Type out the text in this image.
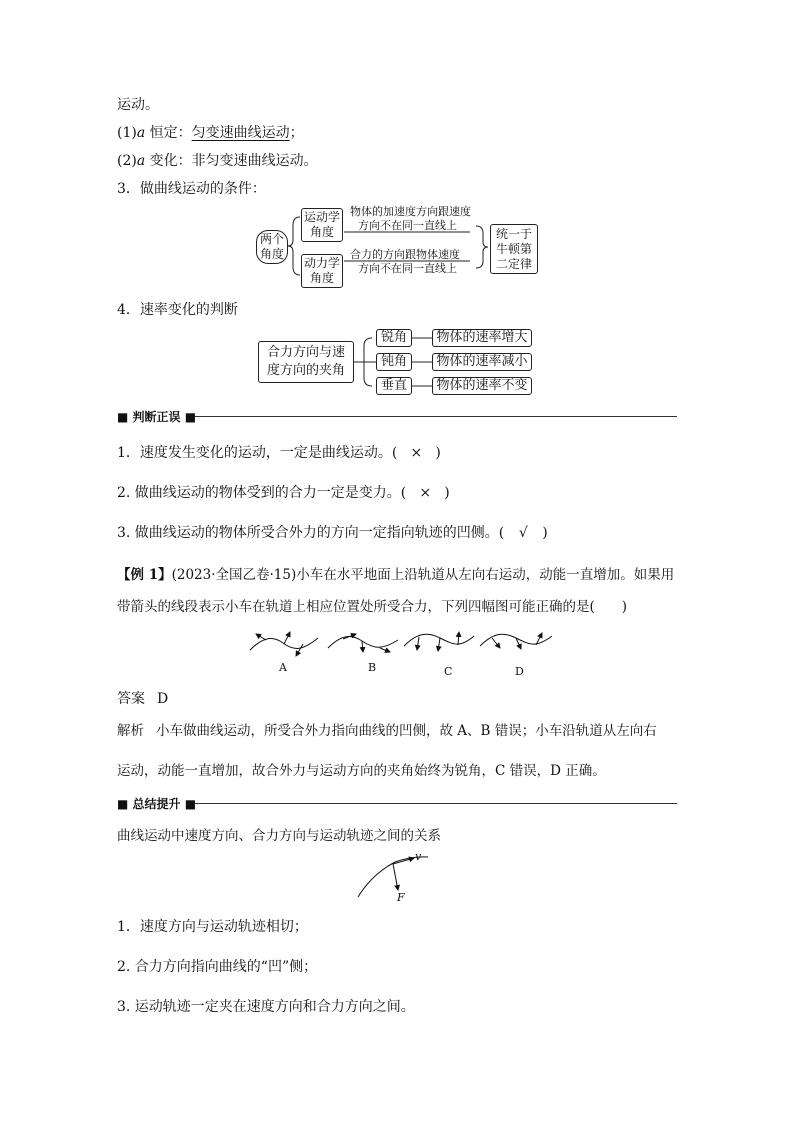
运动。
(1)a 恒定：匀变速曲线运动；
(2)a 变化：非匀变速曲线运动。
3．做曲线运动的条件：
两个角度
运动学角度
动力学角度
物体的加速度方向跟速度
方向不在同一直线上
合力的方向跟物体速度
方向不在同一直线上
统一于牛顿第二定律
4．速率变化的判断
合力方向与速
度方向的夹角
锐角
钝角
垂直
物体的速率增大
物体的速率减小
物体的速率不变
■ 判断正误 ■
1．速度发生变化的运动，一定是曲线运动。( × )
2. 做曲线运动的物体受到的合力一定是变力。( × )
3. 做曲线运动的物体所受合外力的方向一定指向轨迹的凹侧。( √ )
【例 1】(2023·全国乙卷·15)小车在水平地面上沿轨道从左向右运动，动能一直增加。如果用
带箭头的线段表示小车在轨道上相应位置处所受合力，下列四幅图可能正确的是(　　)
A	B	C	D
答案 D
解析 小车做曲线运动，所受合外力指向曲线的凹侧，故 A、B 错误；小车沿轨道从左向右
运动，动能一直增加，故合外力与运动方向的夹角始终为锐角，C 错误，D 正确。
■ 总结提升 ■
曲线运动中速度方向、合力方向与运动轨迹之间的关系
v
F
1．速度方向与运动轨迹相切；
2. 合力方向指向曲线的“凹”侧；
3. 运动轨迹一定夹在速度方向和合力方向之间。
